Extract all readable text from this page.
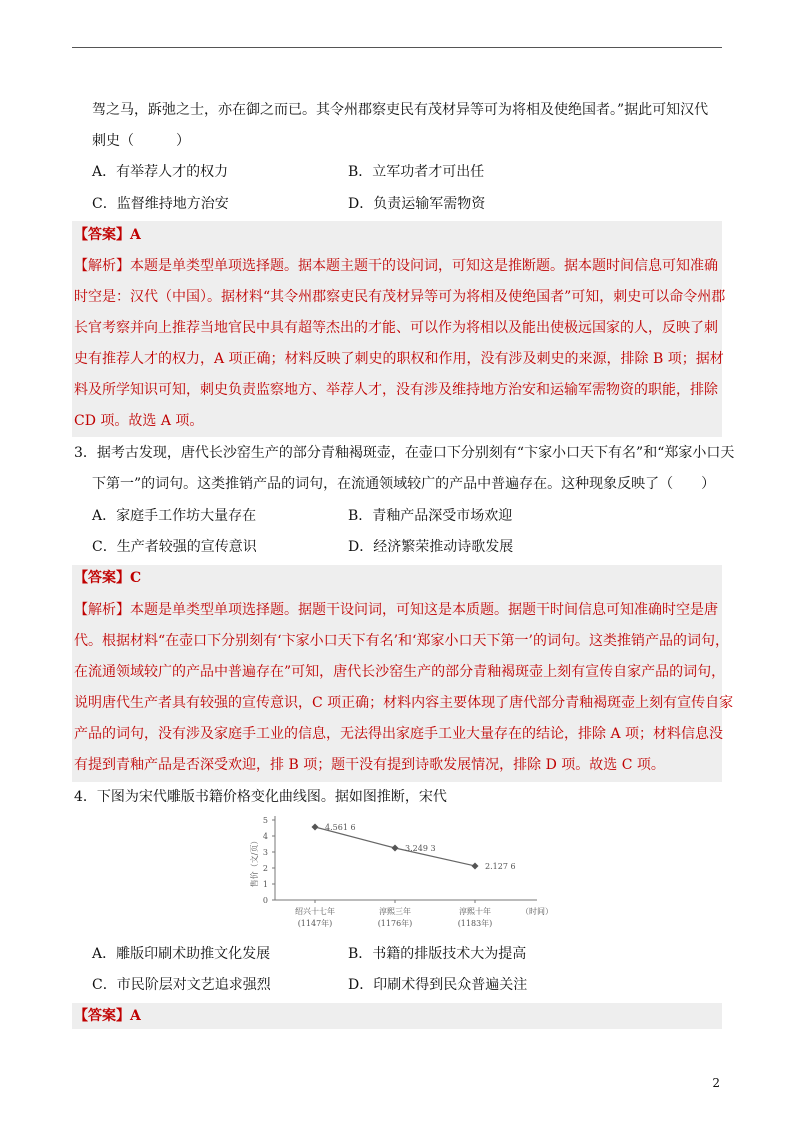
驾之马，跅弛之士，亦在御之而已。其令州郡察吏民有茂材异等可为将相及使绝国者。”据此可知汉代
刺史（　　　）
A．有举荐人才的权力	B．立军功者才可出任
C．监督维持地方治安	D．负责运输军需物资
【答案】A
【解析】本题是单类型单项选择题。据本题主题干的设问词，可知这是推断题。据本题时间信息可知准确
时空是：汉代（中国）。据材料“其令州郡察吏民有茂材异等可为将相及使绝国者”可知，刺史可以命令州郡
长官考察并向上推荐当地官民中具有超等杰出的才能、可以作为将相以及能出使极远国家的人，反映了刺
史有推荐人才的权力，A 项正确；材料反映了刺史的职权和作用，没有涉及刺史的来源，排除 B 项；据材
料及所学知识可知，刺史负责监察地方、举荐人才，没有涉及维持地方治安和运输军需物资的职能，排除
CD 项。故选 A 项。
3．据考古发现，唐代长沙窑生产的部分青釉褐斑壶，在壶口下分别刻有“卞家小口天下有名”和“郑家小口天
下第一”的词句。这类推销产品的词句，在流通领域较广的产品中普遍存在。这种现象反映了（　　）
A．家庭手工作坊大量存在	B．青釉产品深受市场欢迎
C．生产者较强的宣传意识	D．经济繁荣推动诗歌发展
【答案】C
【解析】本题是单类型单项选择题。据题干设问词，可知这是本质题。据题干时间信息可知准确时空是唐
代。根据材料“在壶口下分别刻有‘卞家小口天下有名’和‘郑家小口天下第一’的词句。这类推销产品的词句，
在流通领域较广的产品中普遍存在”可知，唐代长沙窑生产的部分青釉褐斑壶上刻有宣传自家产品的词句，
说明唐代生产者具有较强的宣传意识，C 项正确；材料内容主要体现了唐代部分青釉褐斑壶上刻有宣传自家
产品的词句，没有涉及家庭手工业的信息，无法得出家庭手工业大量存在的结论，排除 A 项；材料信息没
有提到青釉产品是否深受欢迎，排 B 项；题干没有提到诗歌发展情况，排除 D 项。故选 C 项。
4．下图为宋代雕版书籍价格变化曲线图。据如图推断，宋代
0
1
2
3
4
5
售价（文/页）
绍兴十七年
(1147年)
淳熙三年
(1176年)
淳熙十年
(1183年)
（时间）
4.561 6
3.249 3
2.127 6
A．雕版印刷术助推文化发展	B．书籍的排版技术大为提高
C．市民阶层对文艺追求强烈	D．印刷术得到民众普遍关注
【答案】A
2
